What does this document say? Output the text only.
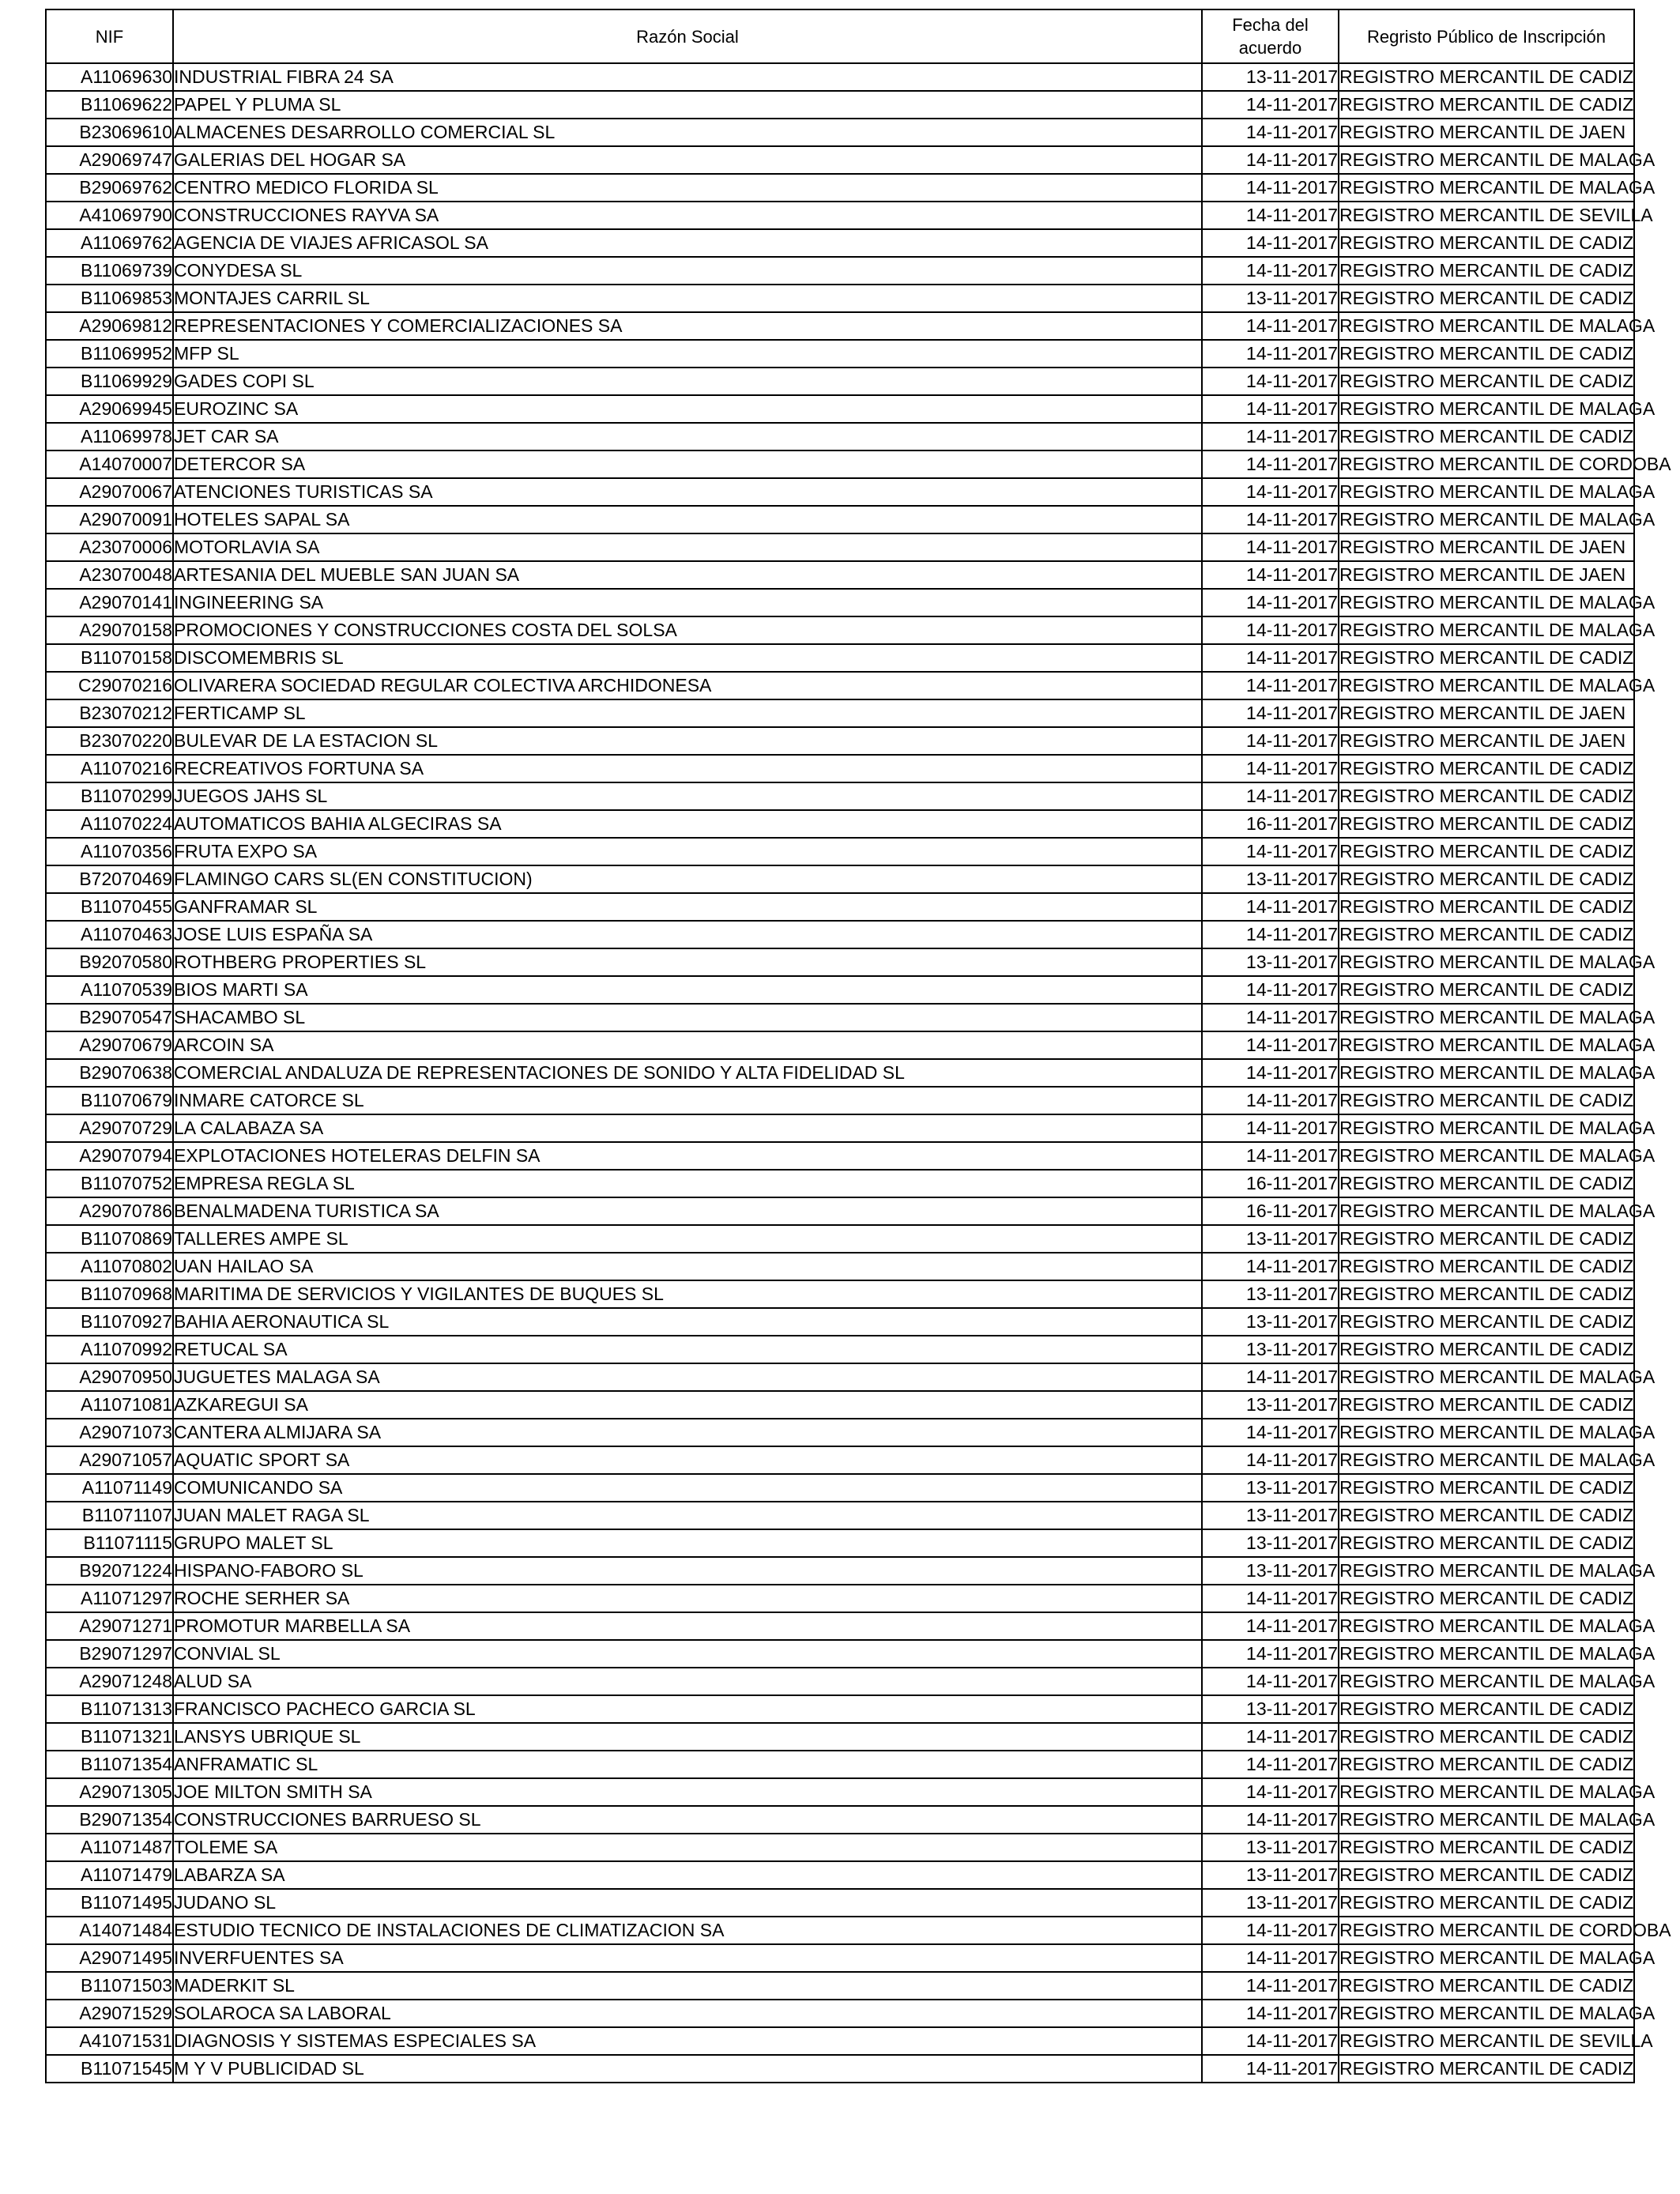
NIF	Razón Social	Fecha del acuerdo	Regristo Público de Inscripción
A11069630	INDUSTRIAL FIBRA 24 SA	13-11-2017	REGISTRO MERCANTIL DE CADIZ
B11069622	PAPEL Y PLUMA SL	14-11-2017	REGISTRO MERCANTIL DE CADIZ
B23069610	ALMACENES DESARROLLO COMERCIAL SL	14-11-2017	REGISTRO MERCANTIL DE JAEN
A29069747	GALERIAS DEL HOGAR SA	14-11-2017	REGISTRO MERCANTIL DE MALAGA
B29069762	CENTRO MEDICO FLORIDA SL	14-11-2017	REGISTRO MERCANTIL DE MALAGA
A41069790	CONSTRUCCIONES RAYVA SA	14-11-2017	REGISTRO MERCANTIL DE SEVILLA
A11069762	AGENCIA DE VIAJES AFRICASOL SA	14-11-2017	REGISTRO MERCANTIL DE CADIZ
B11069739	CONYDESA SL	14-11-2017	REGISTRO MERCANTIL DE CADIZ
B11069853	MONTAJES CARRIL SL	13-11-2017	REGISTRO MERCANTIL DE CADIZ
A29069812	REPRESENTACIONES Y COMERCIALIZACIONES SA	14-11-2017	REGISTRO MERCANTIL DE MALAGA
B11069952	MFP SL	14-11-2017	REGISTRO MERCANTIL DE CADIZ
B11069929	GADES COPI SL	14-11-2017	REGISTRO MERCANTIL DE CADIZ
A29069945	EUROZINC SA	14-11-2017	REGISTRO MERCANTIL DE MALAGA
A11069978	JET CAR SA	14-11-2017	REGISTRO MERCANTIL DE CADIZ
A14070007	DETERCOR SA	14-11-2017	REGISTRO MERCANTIL DE CORDOBA
A29070067	ATENCIONES TURISTICAS SA	14-11-2017	REGISTRO MERCANTIL DE MALAGA
A29070091	HOTELES SAPAL SA	14-11-2017	REGISTRO MERCANTIL DE MALAGA
A23070006	MOTORLAVIA SA	14-11-2017	REGISTRO MERCANTIL DE JAEN
A23070048	ARTESANIA DEL MUEBLE SAN JUAN SA	14-11-2017	REGISTRO MERCANTIL DE JAEN
A29070141	INGINEERING SA	14-11-2017	REGISTRO MERCANTIL DE MALAGA
A29070158	PROMOCIONES Y CONSTRUCCIONES COSTA DEL SOLSA	14-11-2017	REGISTRO MERCANTIL DE MALAGA
B11070158	DISCOMEMBRIS SL	14-11-2017	REGISTRO MERCANTIL DE CADIZ
C29070216	OLIVARERA SOCIEDAD REGULAR COLECTIVA ARCHIDONESA	14-11-2017	REGISTRO MERCANTIL DE MALAGA
B23070212	FERTICAMP SL	14-11-2017	REGISTRO MERCANTIL DE JAEN
B23070220	BULEVAR DE LA ESTACION SL	14-11-2017	REGISTRO MERCANTIL DE JAEN
A11070216	RECREATIVOS FORTUNA SA	14-11-2017	REGISTRO MERCANTIL DE CADIZ
B11070299	JUEGOS JAHS SL	14-11-2017	REGISTRO MERCANTIL DE CADIZ
A11070224	AUTOMATICOS BAHIA ALGECIRAS SA	16-11-2017	REGISTRO MERCANTIL DE CADIZ
A11070356	FRUTA EXPO SA	14-11-2017	REGISTRO MERCANTIL DE CADIZ
B72070469	FLAMINGO CARS SL(EN CONSTITUCION)	13-11-2017	REGISTRO MERCANTIL DE CADIZ
B11070455	GANFRAMAR SL	14-11-2017	REGISTRO MERCANTIL DE CADIZ
A11070463	JOSE LUIS ESPAÑA SA	14-11-2017	REGISTRO MERCANTIL DE CADIZ
B92070580	ROTHBERG PROPERTIES SL	13-11-2017	REGISTRO MERCANTIL DE MALAGA
A11070539	BIOS MARTI SA	14-11-2017	REGISTRO MERCANTIL DE CADIZ
B29070547	SHACAMBO SL	14-11-2017	REGISTRO MERCANTIL DE MALAGA
A29070679	ARCOIN SA	14-11-2017	REGISTRO MERCANTIL DE MALAGA
B29070638	COMERCIAL ANDALUZA DE REPRESENTACIONES DE SONIDO Y ALTA FIDELIDAD SL	14-11-2017	REGISTRO MERCANTIL DE MALAGA
B11070679	INMARE CATORCE SL	14-11-2017	REGISTRO MERCANTIL DE CADIZ
A29070729	LA CALABAZA SA	14-11-2017	REGISTRO MERCANTIL DE MALAGA
A29070794	EXPLOTACIONES HOTELERAS DELFIN SA	14-11-2017	REGISTRO MERCANTIL DE MALAGA
B11070752	EMPRESA REGLA SL	16-11-2017	REGISTRO MERCANTIL DE CADIZ
A29070786	BENALMADENA TURISTICA SA	16-11-2017	REGISTRO MERCANTIL DE MALAGA
B11070869	TALLERES AMPE SL	13-11-2017	REGISTRO MERCANTIL DE CADIZ
A11070802	UAN HAILAO SA	14-11-2017	REGISTRO MERCANTIL DE CADIZ
B11070968	MARITIMA DE SERVICIOS Y VIGILANTES DE BUQUES SL	13-11-2017	REGISTRO MERCANTIL DE CADIZ
B11070927	BAHIA AERONAUTICA SL	13-11-2017	REGISTRO MERCANTIL DE CADIZ
A11070992	RETUCAL SA	13-11-2017	REGISTRO MERCANTIL DE CADIZ
A29070950	JUGUETES MALAGA SA	14-11-2017	REGISTRO MERCANTIL DE MALAGA
A11071081	AZKAREGUI SA	13-11-2017	REGISTRO MERCANTIL DE CADIZ
A29071073	CANTERA ALMIJARA SA	14-11-2017	REGISTRO MERCANTIL DE MALAGA
A29071057	AQUATIC SPORT SA	14-11-2017	REGISTRO MERCANTIL DE MALAGA
A11071149	COMUNICANDO SA	13-11-2017	REGISTRO MERCANTIL DE CADIZ
B11071107	JUAN MALET RAGA SL	13-11-2017	REGISTRO MERCANTIL DE CADIZ
B11071115	GRUPO MALET SL	13-11-2017	REGISTRO MERCANTIL DE CADIZ
B92071224	HISPANO-FABORO SL	13-11-2017	REGISTRO MERCANTIL DE MALAGA
A11071297	ROCHE SERHER SA	14-11-2017	REGISTRO MERCANTIL DE CADIZ
A29071271	PROMOTUR MARBELLA SA	14-11-2017	REGISTRO MERCANTIL DE MALAGA
B29071297	CONVIAL SL	14-11-2017	REGISTRO MERCANTIL DE MALAGA
A29071248	ALUD SA	14-11-2017	REGISTRO MERCANTIL DE MALAGA
B11071313	FRANCISCO PACHECO GARCIA SL	13-11-2017	REGISTRO MERCANTIL DE CADIZ
B11071321	LANSYS UBRIQUE SL	14-11-2017	REGISTRO MERCANTIL DE CADIZ
B11071354	ANFRAMATIC SL	14-11-2017	REGISTRO MERCANTIL DE CADIZ
A29071305	JOE MILTON SMITH SA	14-11-2017	REGISTRO MERCANTIL DE MALAGA
B29071354	CONSTRUCCIONES BARRUESO SL	14-11-2017	REGISTRO MERCANTIL DE MALAGA
A11071487	TOLEME SA	13-11-2017	REGISTRO MERCANTIL DE CADIZ
A11071479	LABARZA SA	13-11-2017	REGISTRO MERCANTIL DE CADIZ
B11071495	JUDANO SL	13-11-2017	REGISTRO MERCANTIL DE CADIZ
A14071484	ESTUDIO TECNICO DE INSTALACIONES DE CLIMATIZACION SA	14-11-2017	REGISTRO MERCANTIL DE CORDOBA
A29071495	INVERFUENTES SA	14-11-2017	REGISTRO MERCANTIL DE MALAGA
B11071503	MADERKIT SL	14-11-2017	REGISTRO MERCANTIL DE CADIZ
A29071529	SOLAROCA SA LABORAL	14-11-2017	REGISTRO MERCANTIL DE MALAGA
A41071531	DIAGNOSIS Y SISTEMAS ESPECIALES SA	14-11-2017	REGISTRO MERCANTIL DE SEVILLA
B11071545	M Y V PUBLICIDAD SL	14-11-2017	REGISTRO MERCANTIL DE CADIZ
